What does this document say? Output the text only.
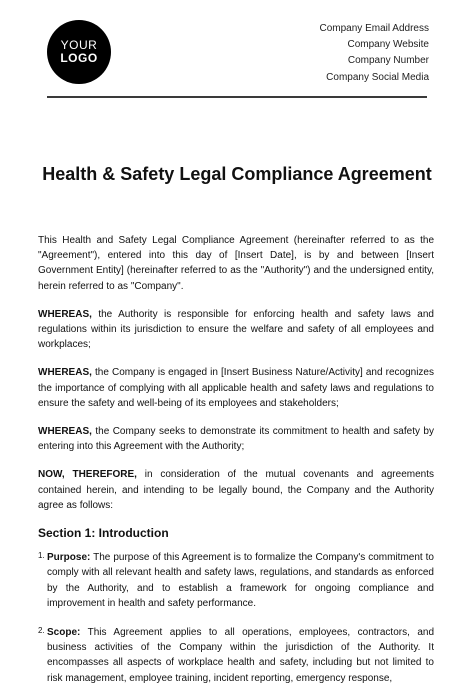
YOUR
LOGO
Company Email Address
Company Website
Company Number
Company Social Media
Health & Safety Legal Compliance Agreement

This Health and Safety Legal Compliance Agreement (hereinafter referred to as the "Agreement"), entered into this day of [Insert Date], is by and between [Insert Government Entity] (hereinafter referred to as the "Authority") and the undersigned entity, herein referred to as "Company".

WHEREAS, the Authority is responsible for enforcing health and safety laws and regulations within its jurisdiction to ensure the welfare and safety of all employees and workplaces;

WHEREAS, the Company is engaged in [Insert Business Nature/Activity] and recognizes the importance of complying with all applicable health and safety laws and regulations to ensure the safety and well-being of its employees and stakeholders;

WHEREAS, the Company seeks to demonstrate its commitment to health and safety by entering into this Agreement with the Authority;

NOW, THEREFORE, in consideration of the mutual covenants and agreements contained herein, and intending to be legally bound, the Company and the Authority agree as follows:

Section 1: Introduction
1. Purpose: The purpose of this Agreement is to formalize the Company's commitment to comply with all relevant health and safety laws, regulations, and standards as enforced by the Authority, and to establish a framework for ongoing compliance and improvement in health and safety performance.
2. Scope: This Agreement applies to all operations, employees, contractors, and business activities of the Company within the jurisdiction of the Authority. It encompasses all aspects of workplace health and safety, including but not limited to risk management, employee training, incident reporting, emergency response,
